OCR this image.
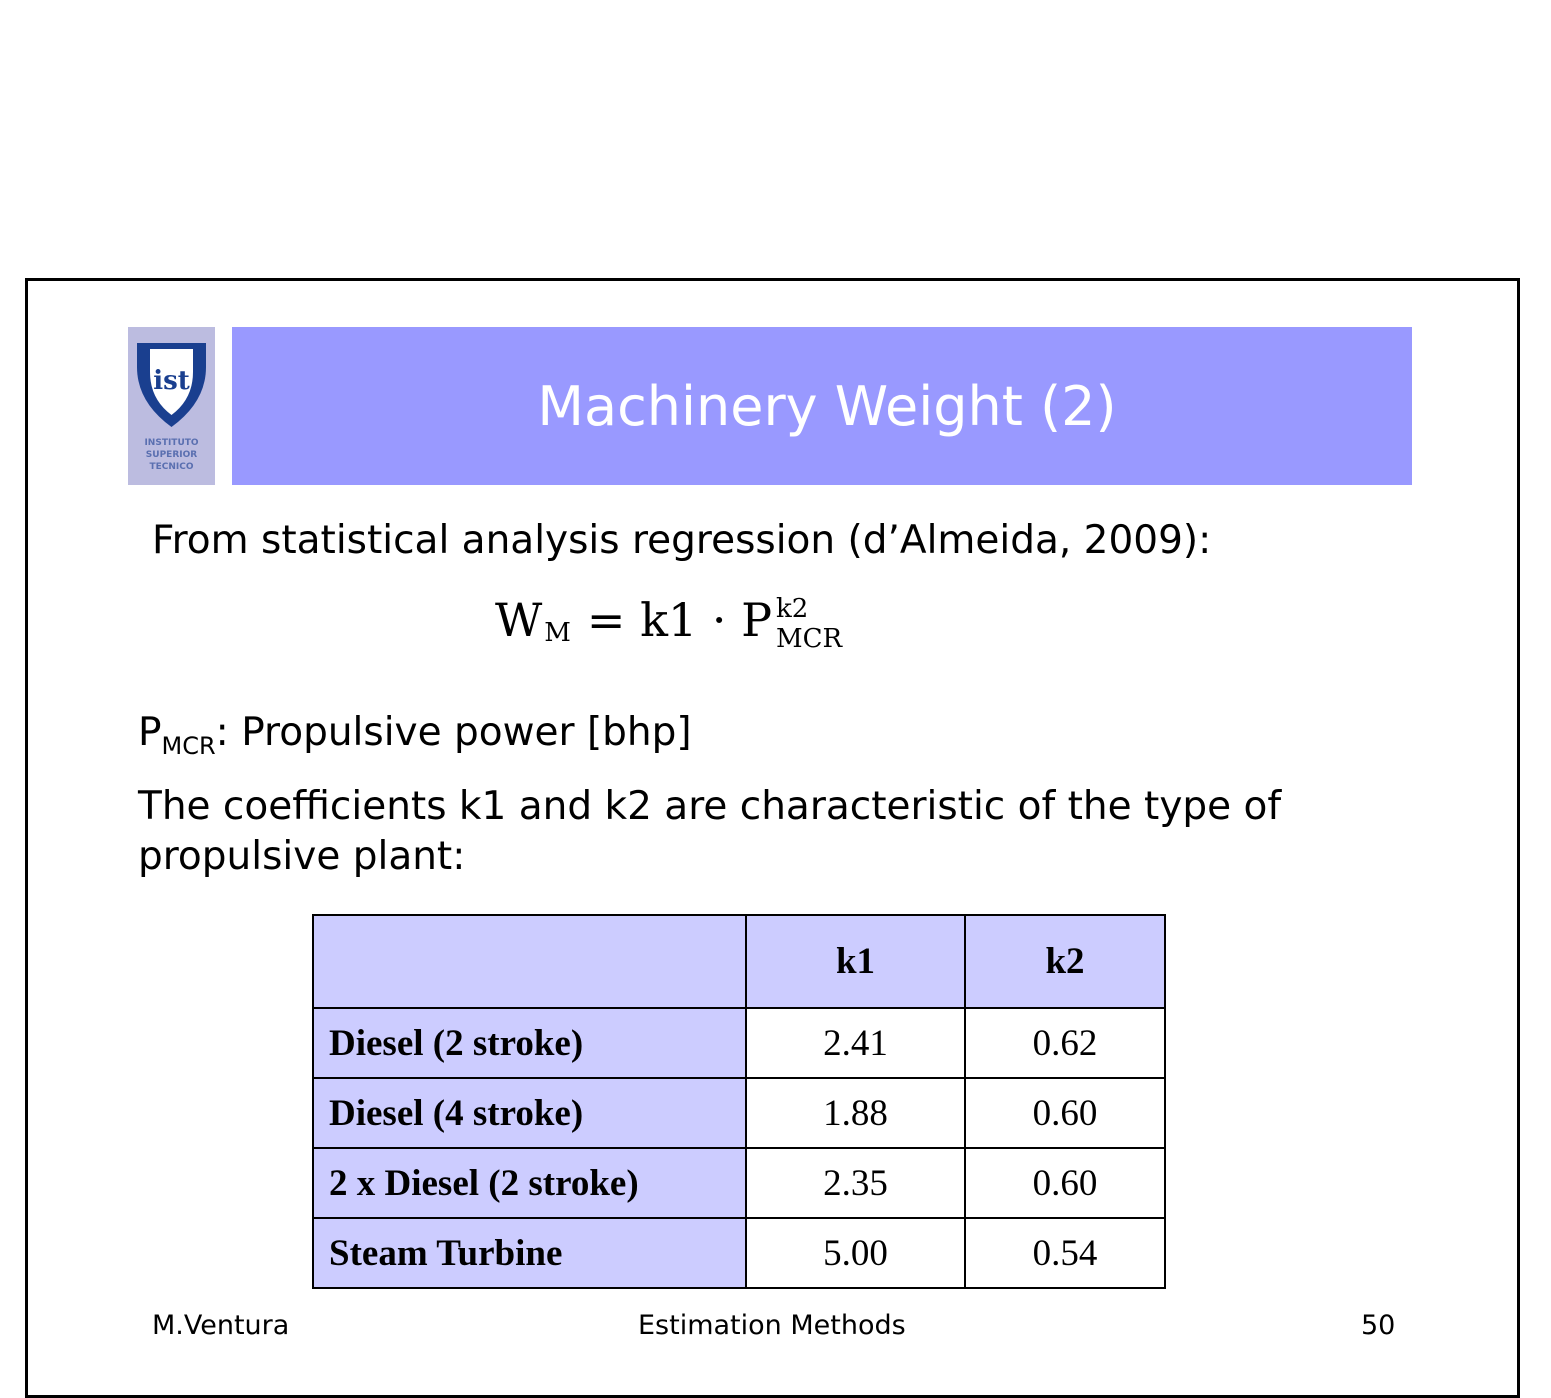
ist
INSTITUTO
SUPERIOR
TECNICO
Machinery Weight (2)
From statistical analysis regression (d’Almeida, 2009):
W M = k1 · P k2
MCR
$P_{MCR}$: Propulsive power [bhp]
The coefficients k1 and k2 are characteristic of the type of propulsive plant:
	k1	k2
Diesel (2 stroke)	2.41	0.62
Diesel (4 stroke)	1.88	0.60
2 x Diesel (2 stroke)	2.35	0.60
Steam Turbine	5.00	0.54
M.Ventura	Estimation Methods	50
